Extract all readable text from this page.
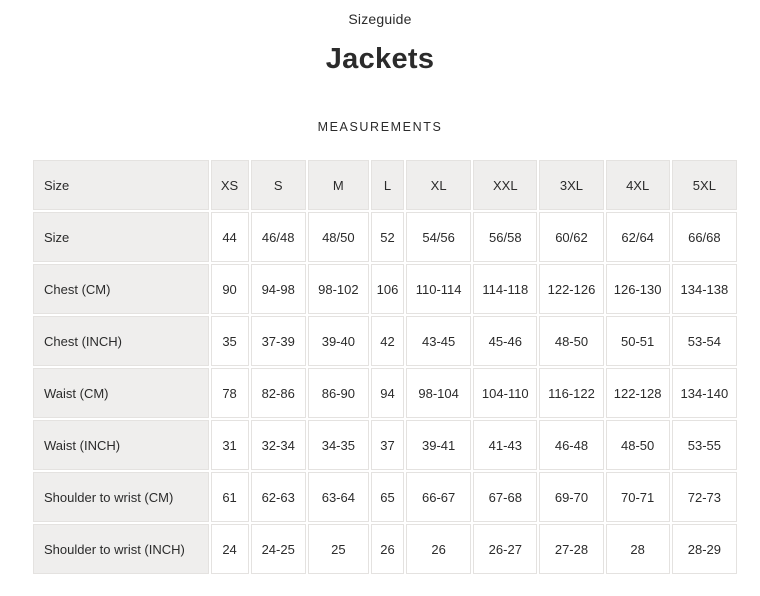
Sizeguide
Jackets
MEASUREMENTS
Size	XS	S	M	L	XL	XXL	3XL	4XL	5XL
Size	44	46/48	48/50	52	54/56	56/58	60/62	62/64	66/68
Chest (CM)	90	94-98	98-102	106	110-114	114-118	122-126	126-130	134-138
Chest (INCH)	35	37-39	39-40	42	43-45	45-46	48-50	50-51	53-54
Waist (CM)	78	82-86	86-90	94	98-104	104-110	116-122	122-128	134-140
Waist (INCH)	31	32-34	34-35	37	39-41	41-43	46-48	48-50	53-55
Shoulder to wrist (CM)	61	62-63	63-64	65	66-67	67-68	69-70	70-71	72-73
Shoulder to wrist (INCH)	24	24-25	25	26	26	26-27	27-28	28	28-29
